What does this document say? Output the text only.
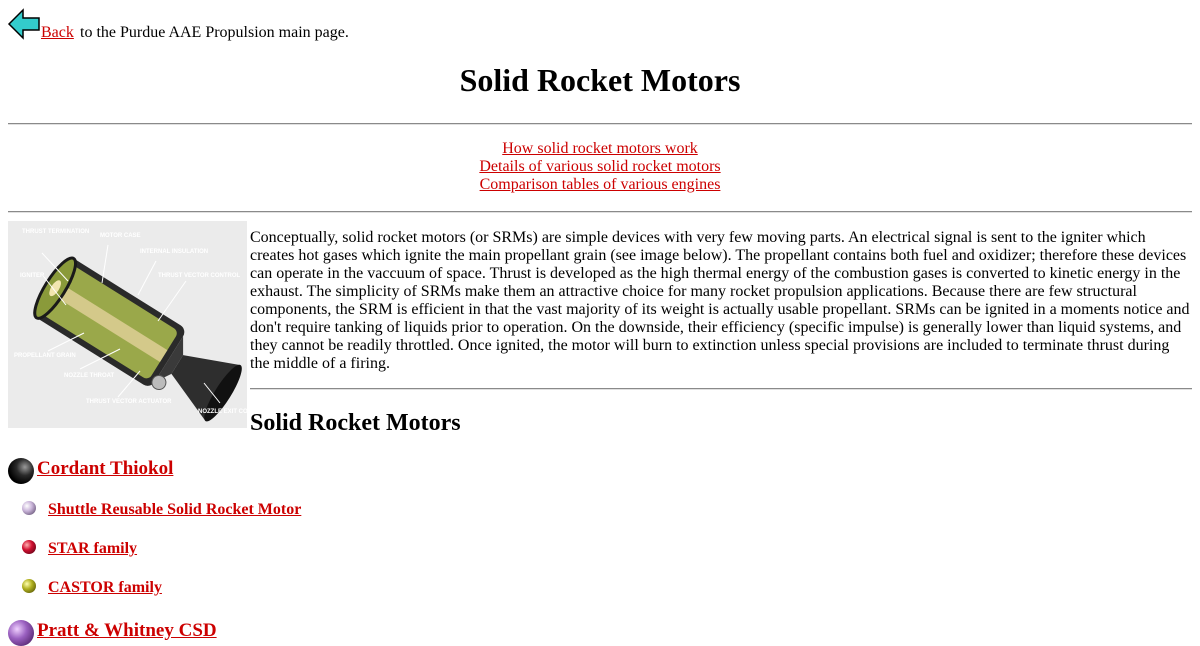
Back to the Purdue AAE Propulsion main page.
Solid Rocket Motors
How solid rocket motors work
Details of various solid rocket motors
Comparison tables of various engines
THRUST TERMINATION
MOTOR CASE
INTERNAL INSULATION
IGNITER	THRUST VECTOR CONTROL
PROPELLANT GRAIN
NOZZLE THROAT
THRUST VECTOR ACTUATOR
NOZZLE EXIT CONE

Conceptually, solid rocket motors (or SRMs) are simple devices with very few moving parts. An electrical signal is sent to the igniter which creates hot gases which ignite the main propellant grain (see image below). The propellant contains both fuel and oxidizer; therefore these devices can operate in the vaccuum of space. Thrust is developed as the high thermal energy of the combustion gases is converted to kinetic energy in the exhaust. The simplicity of SRMs make them an attractive choice for many rocket propulsion applications. Because there are few structural components, the SRM is efficient in that the vast majority of its weight is actually usable propellant. SRMs can be ignited in a moments notice and don't require tanking of liquids prior to operation. On the downside, their efficiency (specific impulse) is generally lower than liquid systems, and they cannot be readily throttled. Once ignited, the motor will burn to extinction unless special provisions are included to terminate thrust during the middle of a firing.

Solid Rocket Motors
Cordant Thiokol
Shuttle Reusable Solid Rocket Motor
STAR family
CASTOR family
Pratt & Whitney CSD
